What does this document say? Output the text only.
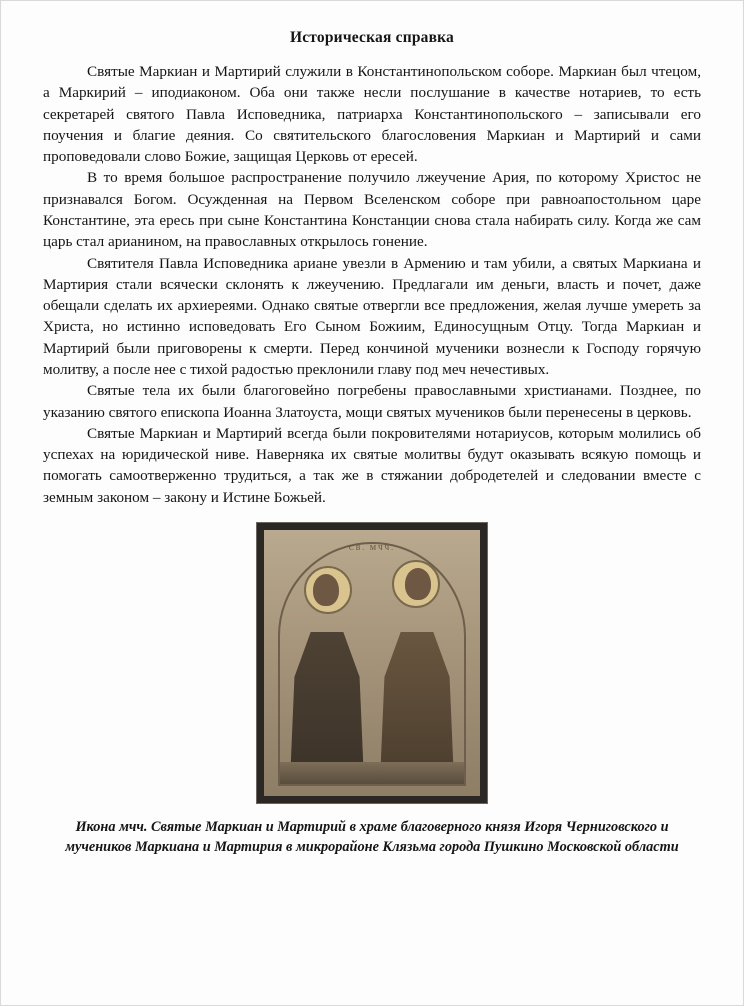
Историческая справка

Святые Маркиан и Мартирий служили в Константинопольском соборе. Маркиан был чтецом, а Маркирий – иподиаконом. Оба они также несли послушание в качестве нотариев, то есть секретарей святого Павла Исповедника, патриарха Константинопольского – записывали его поучения и благие деяния. Со святительского благословения Маркиан и Мартирий и сами проповедовали слово Божие, защищая Церковь от ересей.

В то время большое распространение получило лжеучение Ария, по которому Христос не признавался Богом. Осужденная на Первом Вселенском соборе при равноапостольном царе Константине, эта ересь при сыне Константина Констанции снова стала набирать силу. Когда же сам царь стал арианином, на православных открылось гонение.

Святителя Павла Исповедника ариане увезли в Армению и там убили, а святых Маркиана и Мартирия стали всячески склонять к лжеучению. Предлагали им деньги, власть и почет, даже обещали сделать их архиереями. Однако святые отвергли все предложения, желая лучше умереть за Христа, но истинно исповедовать Его Сыном Божиим, Единосущным Отцу. Тогда Маркиан и Мартирий были приговорены к смерти. Перед кончиной мученики вознесли к Господу горячую молитву, а после нее с тихой радостью преклонили главу под меч нечестивых.

Святые тела их были благоговейно погребены православными христианами. Позднее, по указанию святого епископа Иоанна Златоуста, мощи святых мучеников были перенесены в церковь.

Святые Маркиан и Мартирий всегда были покровителями нотариусов, которым молились об успехах на юридической ниве. Наверняка их святые молитвы будут оказывать всякую помощь и помогать самоотверженно трудиться, а так же в стяжании добродетелей и следовании вместе с земным законом – закону и Истине Божьей.

СВ. МЧЧ.
Икона мчч. Святые Маркиан и Мартирий в храме благоверного князя Игоря Черниговского и мучеников Маркиана и Мартирия в микрорайоне Клязьма города Пушкино Московской области
